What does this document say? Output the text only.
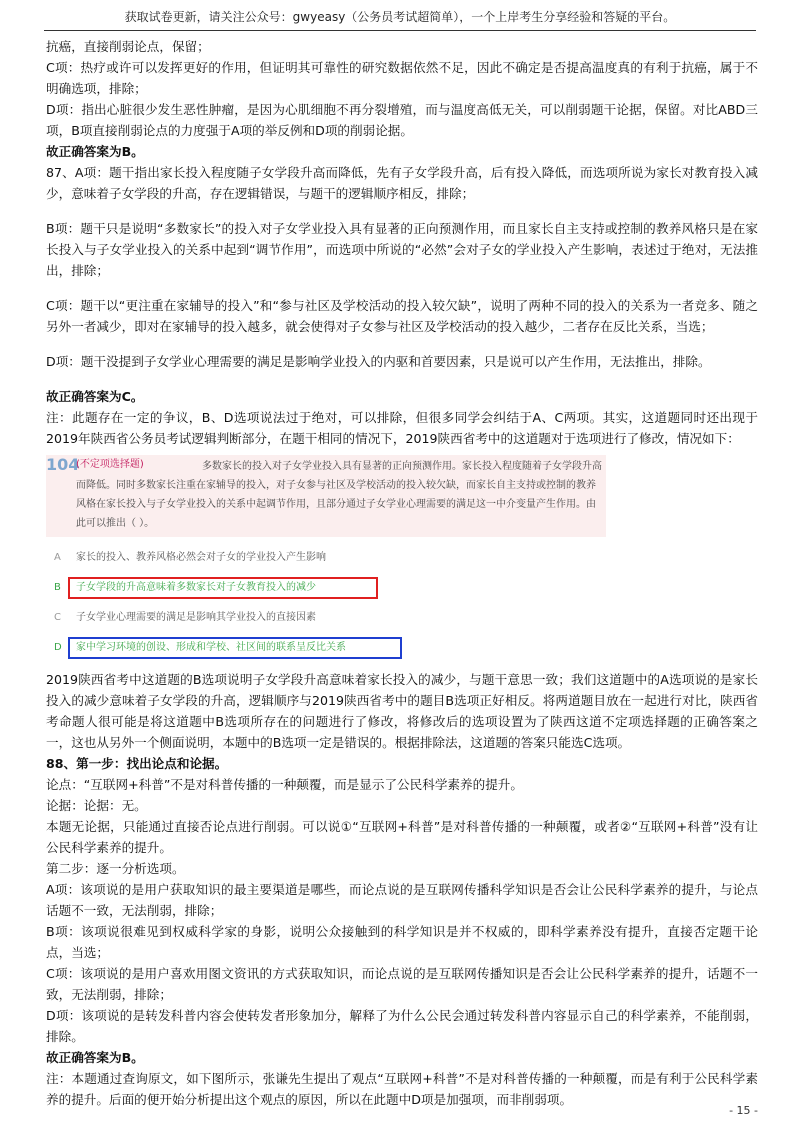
获取试卷更新，请关注公众号：gwyeasy（公务员考试超简单），一个上岸考生分享经验和答疑的平台。

抗癌，直接削弱论点，保留；

C项：热疗或许可以发挥更好的作用，但证明其可靠性的研究数据依然不足，因此不确定是否提高温度真的有利于抗癌，属于不明确选项，排除；

D项：指出心脏很少发生恶性肿瘤，是因为心肌细胞不再分裂增殖，而与温度高低无关，可以削弱题干论据，保留。对比ABD三项，B项直接削弱论点的力度强于A项的举反例和D项的削弱论据。

故正确答案为B。

87、A项：题干指出家长投入程度随子女学段升高而降低，先有子女学段升高，后有投入降低，而选项所说为家长对教育投入减少，意味着子女学段的升高，存在逻辑错误，与题干的逻辑顺序相反，排除；

B项：题干只是说明“多数家长”的投入对子女学业投入具有显著的正向预测作用，而且家长自主支持或控制的教养风格只是在家长投入与子女学业投入的关系中起到“调节作用”，而选项中所说的“必然”会对子女的学业投入产生影响，表述过于绝对，无法推出，排除；

C项：题干以“更注重在家辅导的投入”和“参与社区及学校活动的投入较欠缺”，说明了两种不同的投入的关系为一者竞多、随之另外一者减少，即对在家辅导的投入越多，就会使得对子女参与社区及学校活动的投入越少，二者存在反比关系，当选；

D项：题干没提到子女学业心理需要的满足是影响学业投入的内驱和首要因素，只是说可以产生作用，无法推出，排除。

故正确答案为C。

注：此题存在一定的争议，B、D选项说法过于绝对，可以排除，但很多同学会纠结于A、C两项。其实，这道题同时还出现于2019年陕西省公务员考试逻辑判断部分，在题干相同的情况下，2019陕西省考中的这道题对于选项进行了修改，情况如下：

104	多数家长的投入对子女学业投入具有显著的正向预测作用。家长投入程度随着子女学段升高而降低。同时多数家长注重在家辅导的投入，对子女参与社区及学校活动的投入较欠缺，而家长自主支持或控制的教养风格在家长投入与子女学业投入的关系中起调节作用，且部分通过子女学业心理需要的满足这一中介变量产生作用。由此可以推出（ ）。
(不定项选择题)
A 家长的投入、教养风格必然会对子女的学业投入产生影响
B 子女学段的升高意味着多数家长对子女教育投入的减少
C 子女学业心理需要的满足是影响其学业投入的直接因素
D 家中学习环境的创设、形成和学校、社区间的联系呈反比关系

2019陕西省考中这道题的B选项说明子女学段升高意味着家长投入的减少，与题干意思一致；我们这道题中的A选项说的是家长投入的减少意味着子女学段的升高，逻辑顺序与2019陕西省考中的题目B选项正好相反。将两道题目放在一起进行对比，陕西省考命题人很可能是将这道题中B选项所存在的问题进行了修改，将修改后的选项设置为了陕西这道不定项选择题的正确答案之一，这也从另外一个侧面说明，本题中的B选项一定是错误的。根据排除法，这道题的答案只能选C选项。

88、第一步：找出论点和论据。

论点：“互联网+科普”不是对科普传播的一种颠覆，而是显示了公民科学素养的提升。

论据：论据：无。

本题无论据，只能通过直接否论点进行削弱。可以说①“互联网+科普”是对科普传播的一种颠覆，或者②“互联网+科普”没有让公民科学素养的提升。

第二步：逐一分析选项。

A项：该项说的是用户获取知识的最主要渠道是哪些，而论点说的是互联网传播科学知识是否会让公民科学素养的提升，与论点话题不一致，无法削弱，排除；

B项：该项说很难见到权威科学家的身影，说明公众接触到的科学知识是并不权威的，即科学素养没有提升，直接否定题干论点，当选；

C项：该项说的是用户喜欢用图文资讯的方式获取知识，而论点说的是互联网传播知识是否会让公民科学素养的提升，话题不一致，无法削弱，排除；

D项：该项说的是转发科普内容会使转发者形象加分，解释了为什么公民会通过转发科普内容显示自己的科学素养，不能削弱，排除。

故正确答案为B。

注：本题通过查询原文，如下图所示，张谦先生提出了观点“互联网+科普”不是对科普传播的一种颠覆，而是有利于公民科学素养的提升。后面的便开始分析提出这个观点的原因，所以在此题中D项是加强项，而非削弱项。

- 15 -
